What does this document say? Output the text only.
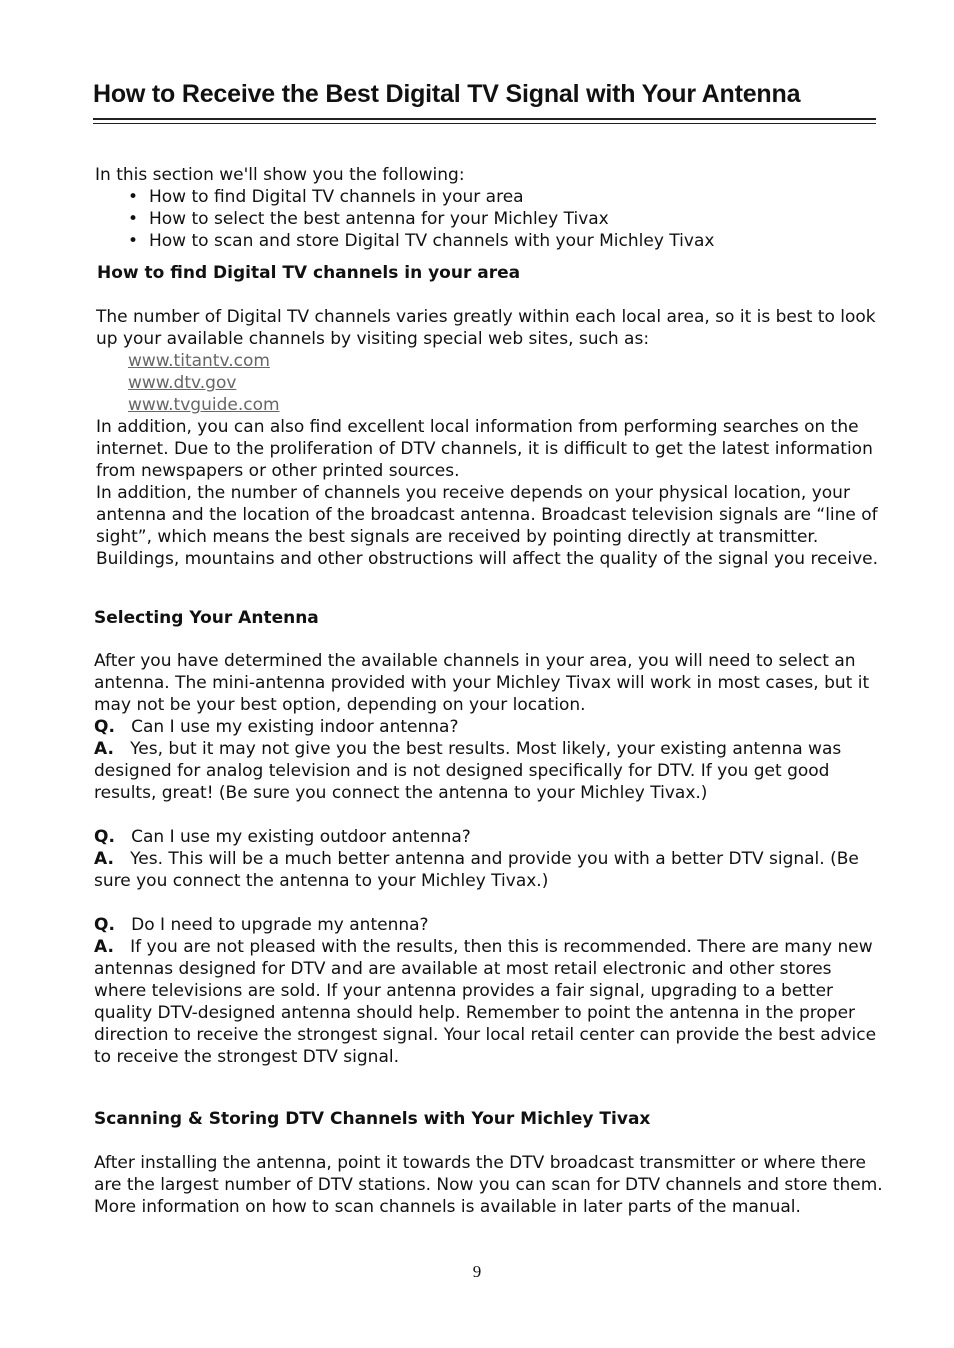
How to Receive the Best Digital TV Signal with Your Antenna

In this section we'll show you the following:

• How to find Digital TV channels in your area
• How to select the best antenna for your Michley Tivax
• How to scan and store Digital TV channels with your Michley Tivax
How to find Digital TV channels in your area

The number of Digital TV channels varies greatly within each local area, so it is best to look up your available channels by visiting special web sites, such as:

www.titantv.com
www.dtv.gov
www.tvguide.com

In addition, you can also find excellent local information from performing searches on the internet. Due to the proliferation of DTV channels, it is difficult to get the latest information from newspapers or other printed sources.

In addition, the number of channels you receive depends on your physical location, your antenna and the location of the broadcast antenna. Broadcast television signals are “line of sight”, which means the best signals are received by pointing directly at transmitter. Buildings, mountains and other obstructions will affect the quality of the signal you receive.

Selecting Your Antenna

After you have determined the available channels in your area, you will need to select an antenna. The mini-antenna provided with your Michley Tivax will work in most cases, but it may not be your best option, depending on your location.

Q. Can I use my existing indoor antenna?

A. Yes, but it may not give you the best results. Most likely, your existing antenna was designed for analog television and is not designed specifically for DTV. If you get good results, great! (Be sure you connect the antenna to your Michley Tivax.)

Q. Can I use my existing outdoor antenna?

A. Yes. This will be a much better antenna and provide you with a better DTV signal. (Be sure you connect the antenna to your Michley Tivax.)

Q. Do I need to upgrade my antenna?

A. If you are not pleased with the results, then this is recommended. There are many new antennas designed for DTV and are available at most retail electronic and other stores where televisions are sold. If your antenna provides a fair signal, upgrading to a better quality DTV-designed antenna should help. Remember to point the antenna in the proper direction to receive the strongest signal. Your local retail center can provide the best advice to receive the strongest DTV signal.

Scanning & Storing DTV Channels with Your Michley Tivax

After installing the antenna, point it towards the DTV broadcast transmitter or where there are the largest number of DTV stations. Now you can scan for DTV channels and store them. More information on how to scan channels is available in later parts of the manual.

9
